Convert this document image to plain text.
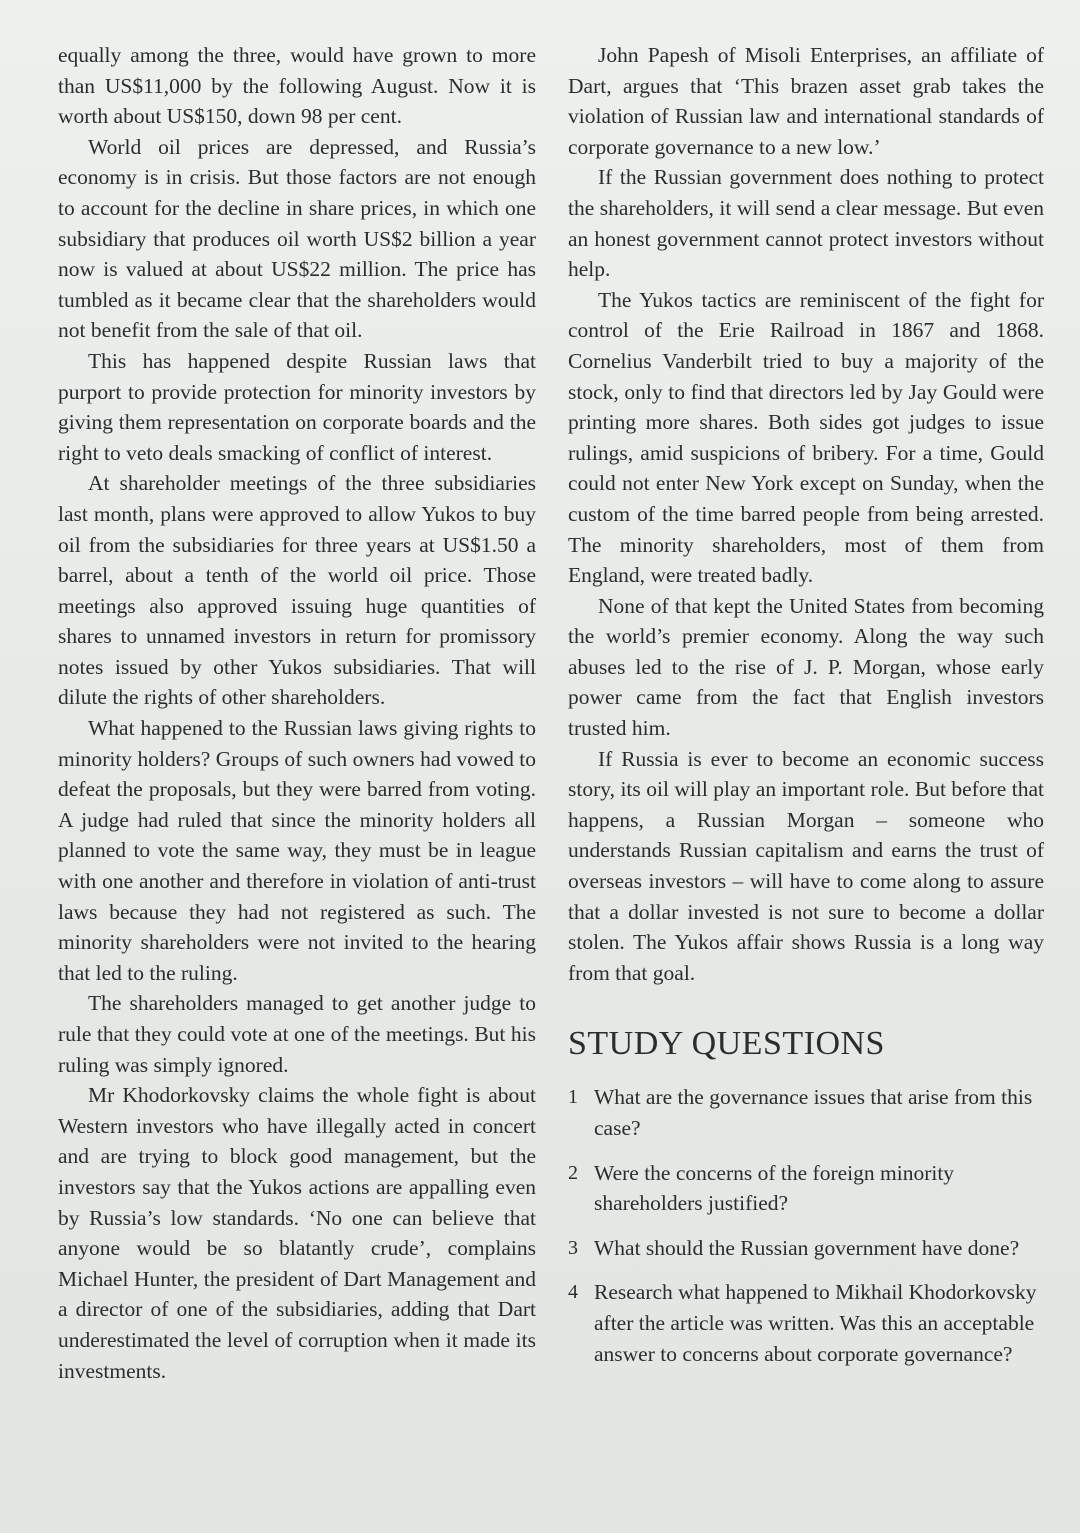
equally among the three, would have grown to more than US$11,000 by the following August. Now it is worth about US$150, down 98 per cent.

World oil prices are depressed, and Russia’s economy is in crisis. But those factors are not enough to account for the decline in share prices, in which one subsidiary that produces oil worth US$2 billion a year now is valued at about US$22 million. The price has tumbled as it became clear that the shareholders would not benefit from the sale of that oil.

This has happened despite Russian laws that purport to provide protection for minority investors by giving them representation on corporate boards and the right to veto deals smacking of conflict of interest.

At shareholder meetings of the three subsidiaries last month, plans were approved to allow Yukos to buy oil from the subsidiaries for three years at US$1.50 a barrel, about a tenth of the world oil price. Those meetings also approved issuing huge quantities of shares to unnamed investors in return for promissory notes issued by other Yukos subsidiaries. That will dilute the rights of other shareholders.

What happened to the Russian laws giving rights to minority holders? Groups of such owners had vowed to defeat the proposals, but they were barred from voting. A judge had ruled that since the minority holders all planned to vote the same way, they must be in league with one another and therefore in violation of anti-trust laws because they had not registered as such. The minority shareholders were not invited to the hearing that led to the ruling.

The shareholders managed to get another judge to rule that they could vote at one of the meetings. But his ruling was simply ignored.

Mr Khodorkovsky claims the whole fight is about Western investors who have illegally acted in concert and are trying to block good management, but the investors say that the Yukos actions are appalling even by Russia’s low standards. ‘No one can believe that anyone would be so blatantly crude’, complains Michael Hunter, the president of Dart Management and a director of one of the subsidiaries, adding that Dart underestimated the level of corruption when it made its investments.

John Papesh of Misoli Enterprises, an affiliate of Dart, argues that ‘This brazen asset grab takes the violation of Russian law and international standards of corporate governance to a new low.’

If the Russian government does nothing to protect the shareholders, it will send a clear message. But even an honest government cannot protect investors without help.

The Yukos tactics are reminiscent of the fight for control of the Erie Railroad in 1867 and 1868. Cornelius Vanderbilt tried to buy a majority of the stock, only to find that directors led by Jay Gould were printing more shares. Both sides got judges to issue rulings, amid suspicions of bribery. For a time, Gould could not enter New York except on Sunday, when the custom of the time barred people from being arrested. The minority shareholders, most of them from England, were treated badly.

None of that kept the United States from becoming the world’s premier economy. Along the way such abuses led to the rise of J. P. Morgan, whose early power came from the fact that English investors trusted him.

If Russia is ever to become an economic success story, its oil will play an important role. But before that happens, a Russian Morgan – someone who understands Russian capitalism and earns the trust of overseas investors – will have to come along to assure that a dollar invested is not sure to become a dollar stolen. The Yukos affair shows Russia is a long way from that goal.

STUDY QUESTIONS
1 What are the governance issues that arise from this case?
2 Were the concerns of the foreign minority shareholders justified?
3 What should the Russian government have done?
4 Research what happened to Mikhail Khodorkovsky after the article was written. Was this an acceptable answer to concerns about corporate governance?
